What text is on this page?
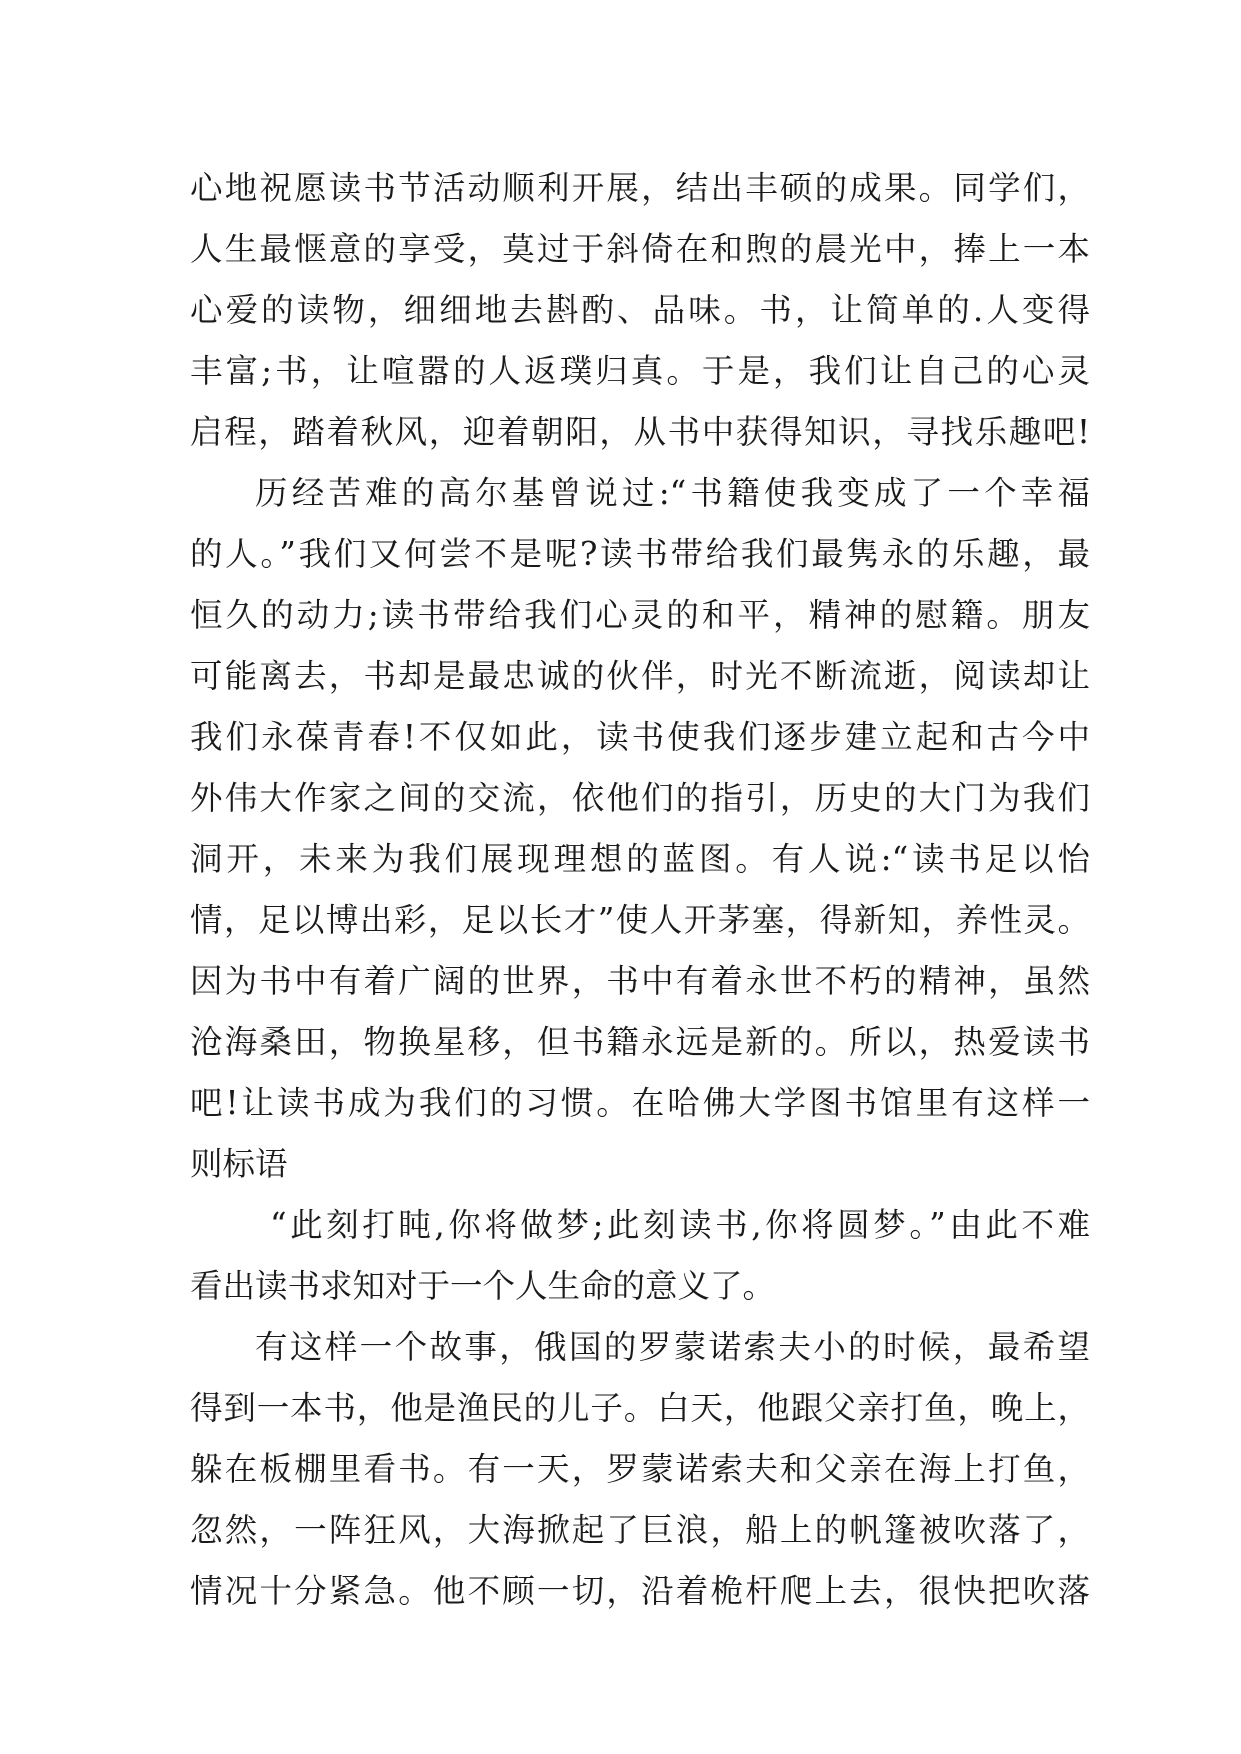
心地祝愿读书节活动顺利开展，结出丰硕的成果。同学们，
人生最惬意的享受，莫过于斜倚在和煦的晨光中，捧上一本
心爱的读物，细细地去斟酌、品味。书，让简单的.人变得
丰富;书，让喧嚣的人返璞归真。于是，我们让自己的心灵
启程，踏着秋风，迎着朝阳，从书中获得知识，寻找乐趣吧!
历经苦难的高尔基曾说过:“书籍使我变成了一个幸福
的人。”我们又何尝不是呢?读书带给我们最隽永的乐趣，最
恒久的动力;读书带给我们心灵的和平，精神的慰籍。朋友
可能离去，书却是最忠诚的伙伴，时光不断流逝，阅读却让
我们永葆青春!不仅如此，读书使我们逐步建立起和古今中
外伟大作家之间的交流，依他们的指引，历史的大门为我们
洞开，未来为我们展现理想的蓝图。有人说:“读书足以怡
情，足以博出彩，足以长才”使人开茅塞，得新知，养性灵。
因为书中有着广阔的世界，书中有着永世不朽的精神，虽然
沧海桑田，物换星移，但书籍永远是新的。所以，热爱读书
吧!让读书成为我们的习惯。在哈佛大学图书馆里有这样一
则标语
“此刻打盹,你将做梦;此刻读书,你将圆梦。”由此不难
看出读书求知对于一个人生命的意义了。
有这样一个故事，俄国的罗蒙诺索夫小的时候，最希望
得到一本书，他是渔民的儿子。白天，他跟父亲打鱼，晚上，
躲在板棚里看书。有一天，罗蒙诺索夫和父亲在海上打鱼，
忽然，一阵狂风，大海掀起了巨浪，船上的帆篷被吹落了，
情况十分紧急。他不顾一切，沿着桅杆爬上去，很快把吹落
